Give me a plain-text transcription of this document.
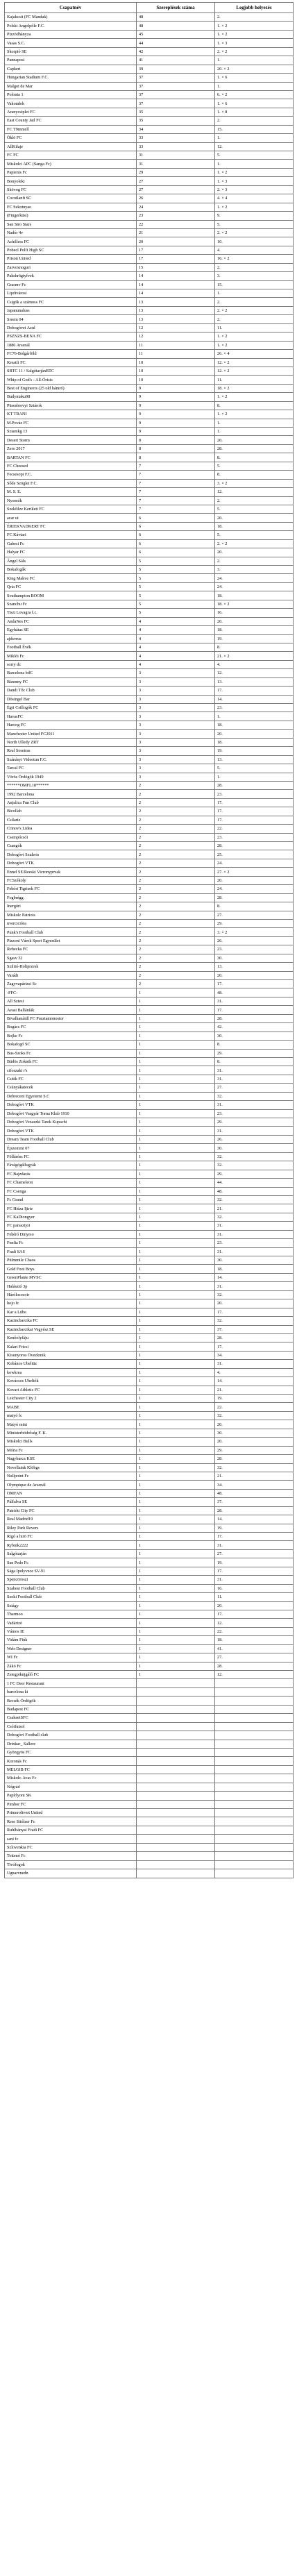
Csapatnév	Szereplések száma	Legjobb helyezés
Kajakcsit (FC Mandak)	48	2.
Polski Angolpőle F.C.	48	1. × 2
Pizzödhányza	45	1. × 2
Vasas S.C.	44	1. × 3
Skorpió SE	42	2. × 2
Pannaposi	41	1.
Capkeri	39	20. × 2
Hungarian Stadium F.C.	37	1. × 6
Malgot de Mar	37	1.
Polonia 1	37	6. × 2
Vakondok	37	1. × 6
Aranycsiplet FC	35	1. × 8
East County Jail FC	35	2.
FC T9mmell	34	15.
Öklö FC	33	1.
AllKilaje	33	12.
FC FC	31	5.
Miskolci APC (Sanga Fc)	31	1.
Papienis Fc	29	1. × 2
Bonyoleki	27	1. × 3
Skövog FC	27	2. × 3
Cocotlanfi SC	26	4. × 4
FC Szkotnyao	24	1. × 2
(Fingerküsi)	23	9.
San Siro Stars	22	5.
Nadór 4v	21	2. × 2
Achilless FC	20	10.
Pobecl Polfi High SC	17	4.
Prison United	17	16. × 2
Zarvoxnoguri	15	2.
Pakshrögtyfvek	14	3.
Grasmv Fc	14	15.
Lipótvárosi	14	1.
Csigók a számoss FC	13	2.
Japanunaluss	13	2. × 2
Sreem 04	13	2.
Dobogóvei Azul	12	11.
PSZNZS-BENA FC	12	1. × 2
1886 Arsenál	11	1. × 2
FC76-Bolgárföld	11	26. × 4
Kreatfi FC	10	12. × 2
SBTC 11 / SalgótarjánBTC	10	12. × 2
Whip of God's - All-Órisis	10	11.
Best of Engineers (25 old hámró)	9	18. × 2
Budyntaku98	9	1. × 2
Püsesbrevyi Sztárok	9	8.
KT TRANI	9	1. × 2
M.Pováe FC	9	1.
Sziamkg 13	9	1.
Desert Storm	8	20.
Zero 2017	8	28.
BARTAN FC	8	8.
FC Cheesed	7	5.
Fecsesopi F.C.	7	8.
Sőde Szöglet F.C.	7	3. × 2
M. S. E.	7	12.
Nyomók	7	2.
Szekfilze Kerületi FC	7	5.
acar ui	6	20.
ÉRIEKVADKERT FC	6	18.
FC Kávtari	6	5.
Gabesi Fc	6	2. × 2
Halyar FC	6	20.
Ángel Sáls	5	2.
Bokafogák	5	3.
King Makve FC	5	24.
Qria FC	5	24.
Southampton BOOM	5	18.
Szanchu Fc	5	18. × 2
Tiszi Lovagra f.c.	5	16.
AndaNes FC	4	20.
Egyhátas SE	4	18.
ajdsvrus	4	19.
Football Évék	4	8.
Miklói Fc	4	21. × 2
sorry dc	4	4.
Barcelona bdC	3	12.
Bánomy FC	3	13.
Dandi Tőc Club	3	17.
Dösingel Bar	3	14.
Égri Csillogók FC	3	23.
HavasFC	3	1.
Harcog FC	3	18.
Manchester United FC2011	3	20.
North Ulledy ZRT	3	18.
Real Sosetras	3	19.
Szánásyi Videotun F.C.	3	13.
Tarcal FC	3	5.
Vörös Ördögök 1949	3	1.
******OMFL18******	2	28.
1992 Barcelona	2	23.
Anjalica Fun Club	2	17.
Bicollab	2	17.
Csilaríe	2	17.
Crinov's Lidea	2	22.
Csempócsói	2	23.
Csangók	2	28.
Dobogóvi Szuleris	2	25.
Dobogóvi VTK	2	24.
Ennel SE/Reeski Vicronyprvak	2	27. × 2
FCSzékoly	2	20.
Febóri Tigrisek FC	2	24.
Fogbrégg	2	28.
Inergóri	2	8.
Miskolc Patriots	2	27.
nvercicióra	2	29.
Punk's Football Club	2	3. × 2
Pizzoni Várok Sport Egyesület	2	26.
Rebecka FC	2	23.
Sgasv 32	2	30.
Szilitó-Holiprzesk	2	13.
Varádi	2	20.
Zagyvapárizsi Sc	2	17.
-FFC-	1	48.
All Sztesi	1	31.
Avasi Balláníák	1	17.
Bivalhanáidl FC Pusztamonostor	1	28.
Bogács FC	1	42.
Bojke Fc	1	30.
Bokafogó SC	1	8.
Bus-Szoks Fc	1	29.
Büdös Zoknik FC	1	8.
cifoszaki r's	1	31.
Csitik FC	1	31.
Csúnyákatecek	1	27.
Debreceni Egyetemi S.C	1	32.
Dobogóvi VTK	1	31.
Dobogóvi Vasgyár Torna Klub 1910	1	23.
Dobogóvi Vezazzki Tarek Kupachi	1	29.
Dobogóvi VTK	1	31.
Dream Team Football Club	1	26.
Éjszemmi 07	1	30.
Fölláróss FC	1	32.
Fávágógállsgyák	1	32.
FC Bajzdarás	1	29.
FC Chameleon	1	44.
FC Csenga	1	48.
Fc Grand	1	32.
FC Hiéza Ijirie	1	21.
FC KaDiongyer	1	32.
FC parasztjoi	1	31.
Fehéró Dinyrso	1	31.
Fenfia Fc	1	23.
Fradi SAS	1	31.
Pülmmile Chaos	1	30.
Gold Foot Boys	1	18.
GreenPlante MVSC	1	14.
Halásztó 3p	1	31.
Hárólosocoir	1	32.
hojo fc	1	20.
Kar a Lúbe	1	17.
Kazincbarcika FC	1	32.
Kazincbarcikai Vegyész SE	1	37.
Kenőolyfáju	1	28.
Kalari Fricsi	1	17.
Kisunyoros Övezkmik	1	34.
Kobános Ubeltüz	1	31.
kowkrea	1	4.
Kovácsos Ubeltők	1	14.
Kovari Athletic FC	1	21.
Leichester City 2	1	19.
MABE	1	22.
matyó fc	1	32.
Matyó mini	1	20.
Ministerbödrőség F. K.	1	30.
Miskolci Bulls	1	20.
Mória Fc	1	29.
Nagybarca KSE	1	28.
Novellaink Klöbgs	1	32.
Nullpoint Fc	1	21.
Olympique de Arsenál	1	34.
OMFAN	1	48.
Pálfalva SE	1	37.
Patriótt City FC	1	28.
Real Madrid19	1	14.
Riley Park Rovers	1	19.
Rigó a hirö FC	1	17.
Rybnik2222	1	31.
Salgótarján	1	27.
San Pedo Fc	1	19.
Sága Ipolyvece SV-91	1	17.
Spencöroszi	1	31.
Szabesi Football Club	1	16.
Szoki Football Club	1	11.
Sziágy	1	20.
Tharmoo	1	17.
Vadárizó	1	12.
Vámos IE	1	22.
Vidám Fiúk	1	18.
Web-Designer	1	41.
WI Fc	1	27.
Zákó Fc	1	28.
Zsiegpiknjgáló FC	1	12.
1 FC Deer Restaurant		
barcelona ki		
Becsék Ördögök		
Budapest FC		
CsakaetSFC		
Csóifutsol		
Dobogóvi Football club		
Drinkar_ Sallere		
Gyöngyös FC		
Koronás Fc		
MELGIB FC		
Miskolc-Avas Fc		
Nógrád		
Papírlyoni SK		
Pimbor FC		
Primeroltvert United		
Rese Sitólzer Fc		
Ruhlbányai Fradi FC		
sani fc		
Szlovenkia FC		
Tottenó Fc		
Tivófogok		
Ugnarvnedn		
